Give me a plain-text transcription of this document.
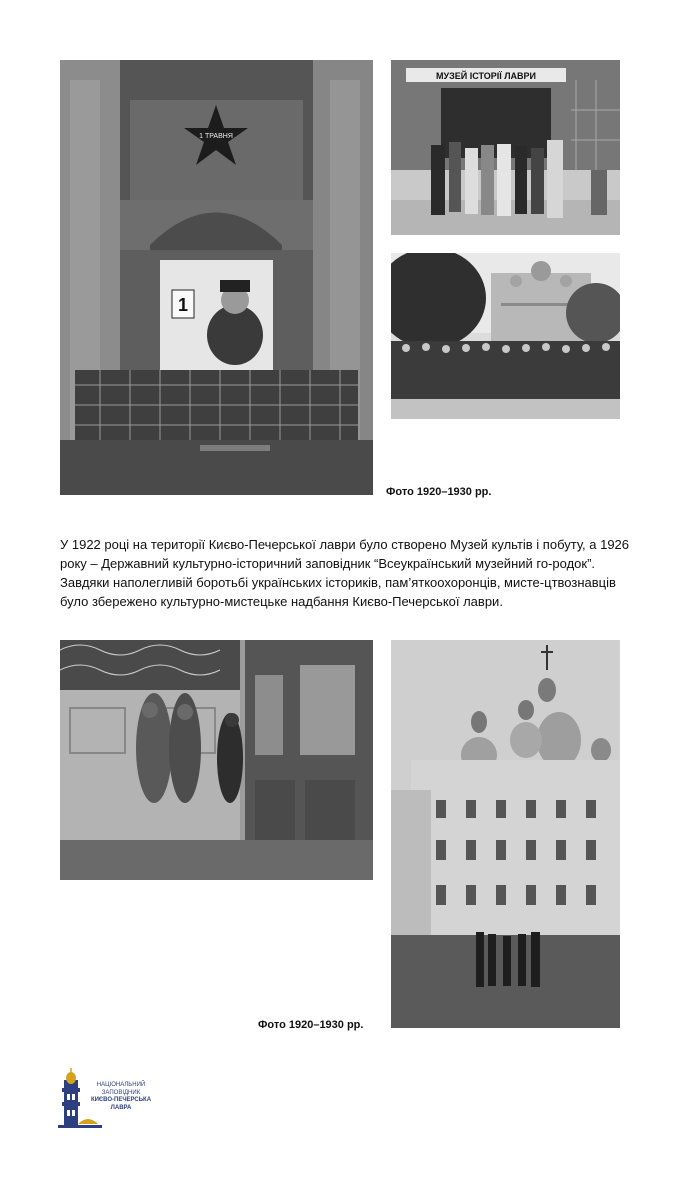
1
1 ТРАВНЯ
МУЗЕЙ ІСТОРІЇ ЛАВРИ
Фото 1920–1930 рр.

У 1922 році на території Києво-Печерської лаври було створено Музей культів і побуту, а 1926 року – Державний культурно-історичний заповідник “Всеукраїнський музейний го-родок”. Завдяки наполегливій боротьбі українських істориків, пам’яткоохоронців, мисте-цтвознавців було збережено культурно-мистецьке надбання Києво-Печерської лаври.

Фото 1920–1930 рр.
НАЦІОНАЛЬНИЙ
ЗАПОВІДНИК
КИЄВО-ПЕЧЕРСЬКА
ЛАВРА
